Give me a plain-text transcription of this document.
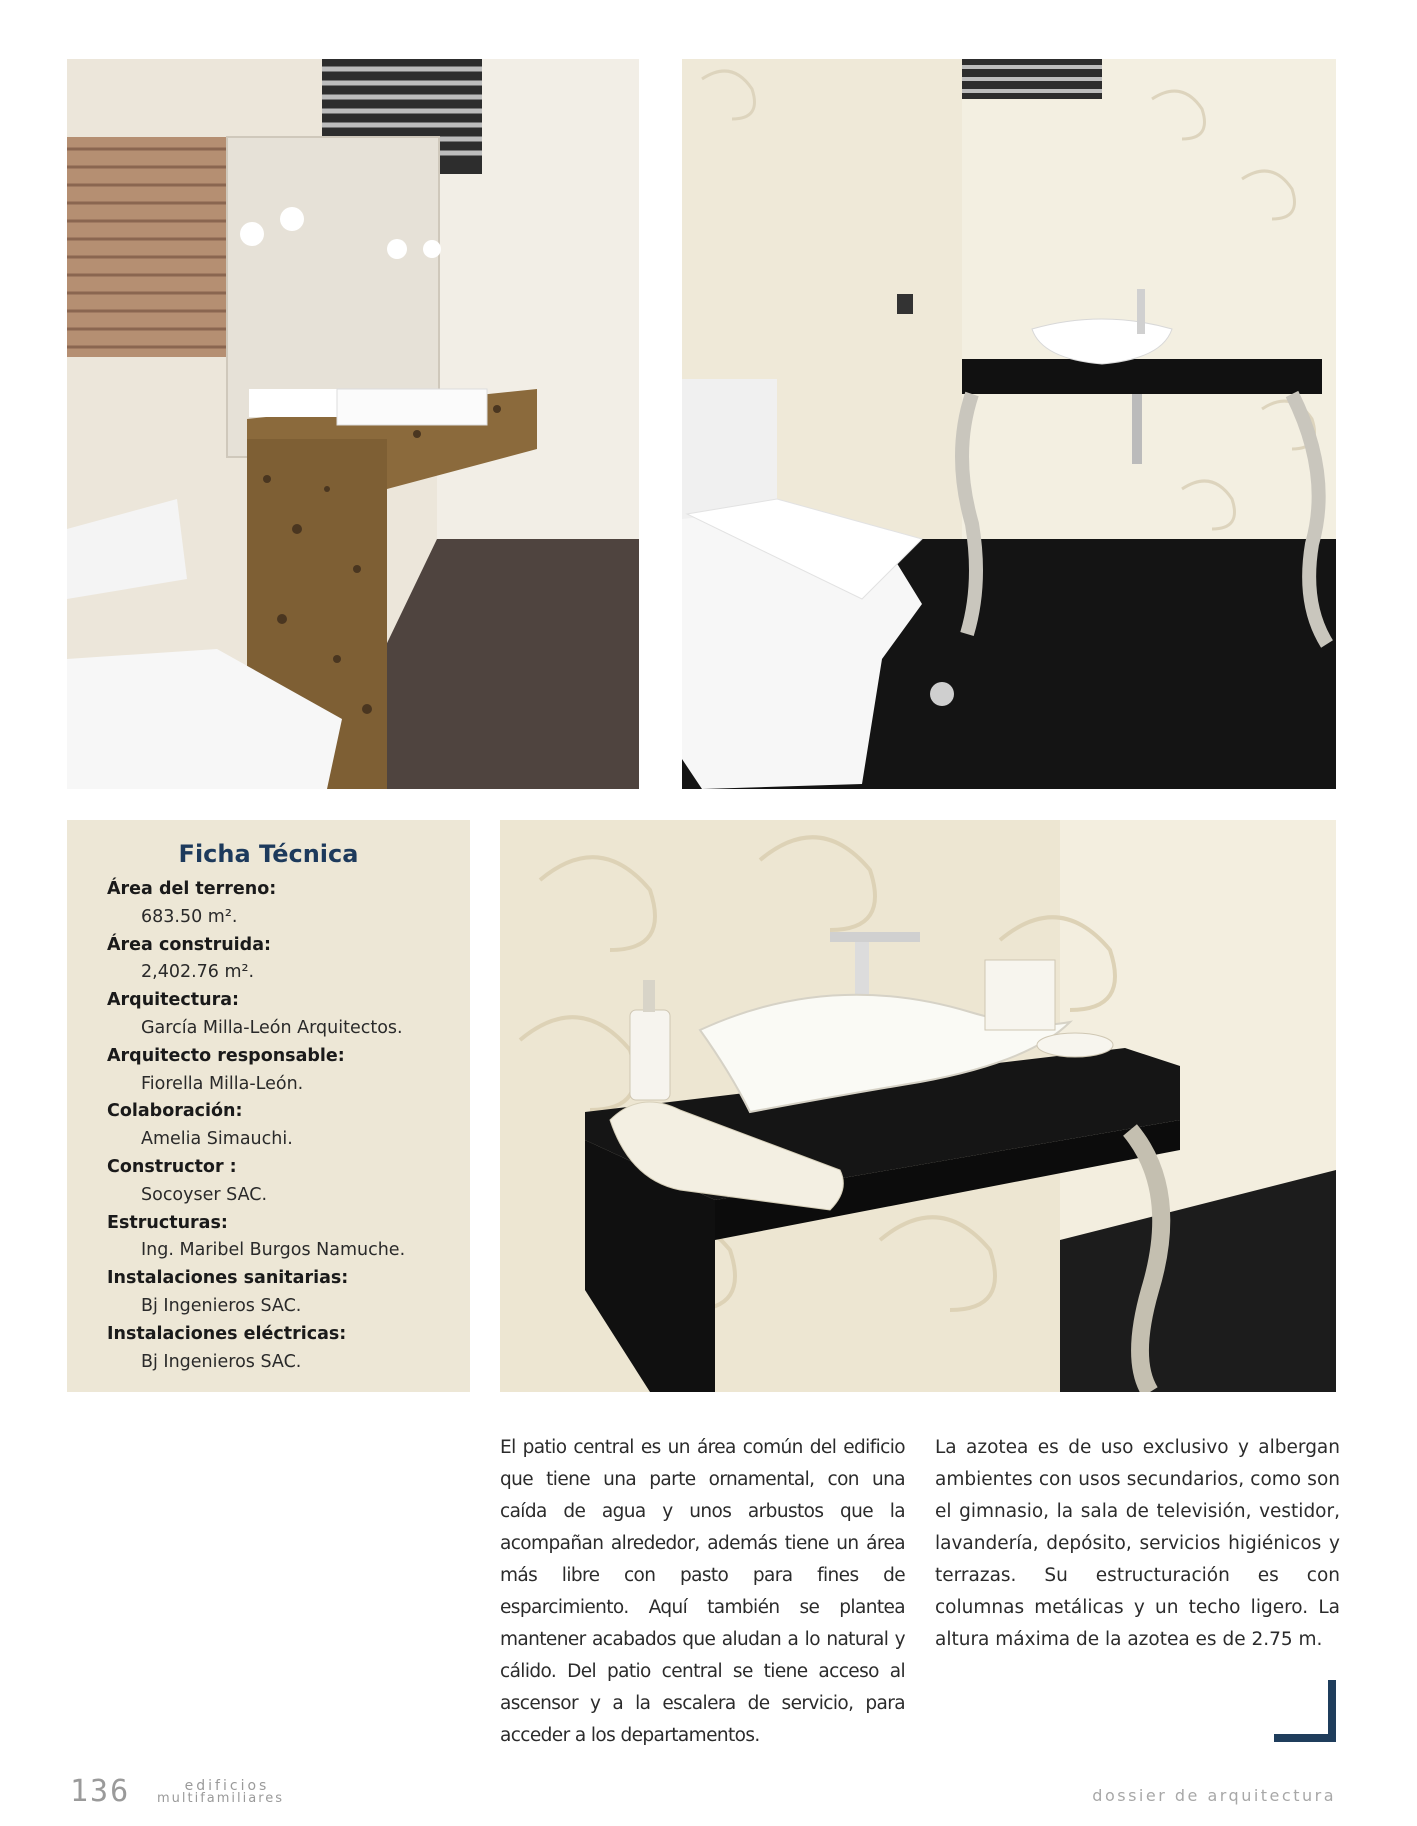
Ficha Técnica
Área del terreno:
683.50 m².
Área construida:
2,402.76 m².
Arquitectura:
García Milla-León Arquitectos.
Arquitecto responsable:
Fiorella Milla-León.
Colaboración:
Amelia Simauchi.
Constructor :
Socoyser SAC.
Estructuras:
Ing. Maribel Burgos Namuche.
Instalaciones sanitarias:
Bj Ingenieros SAC.
Instalaciones eléctricas:
Bj Ingenieros SAC.

El patio central es un área común del edificio que tiene una parte ornamental, con una caída de agua y unos arbustos que la acompañan alrededor, además tiene un área más libre con pasto para fines de esparcimiento. Aquí también se plantea mantener acabados que aludan a lo natural y cálido. Del patio central se tiene acceso al ascensor y a la escalera de servicio, para acceder a los departamentos.

La azotea es de uso exclusivo y albergan ambientes con usos secundarios, como son el gimnasio, la sala de televisión, vestidor, lavandería, depósito, servicios higiénicos y terrazas. Su estructuración es con columnas metálicas y un techo ligero. La altura máxima de la azotea es de 2.75 m.

136	edificios
multifamiliares	dossier de arquitectura
